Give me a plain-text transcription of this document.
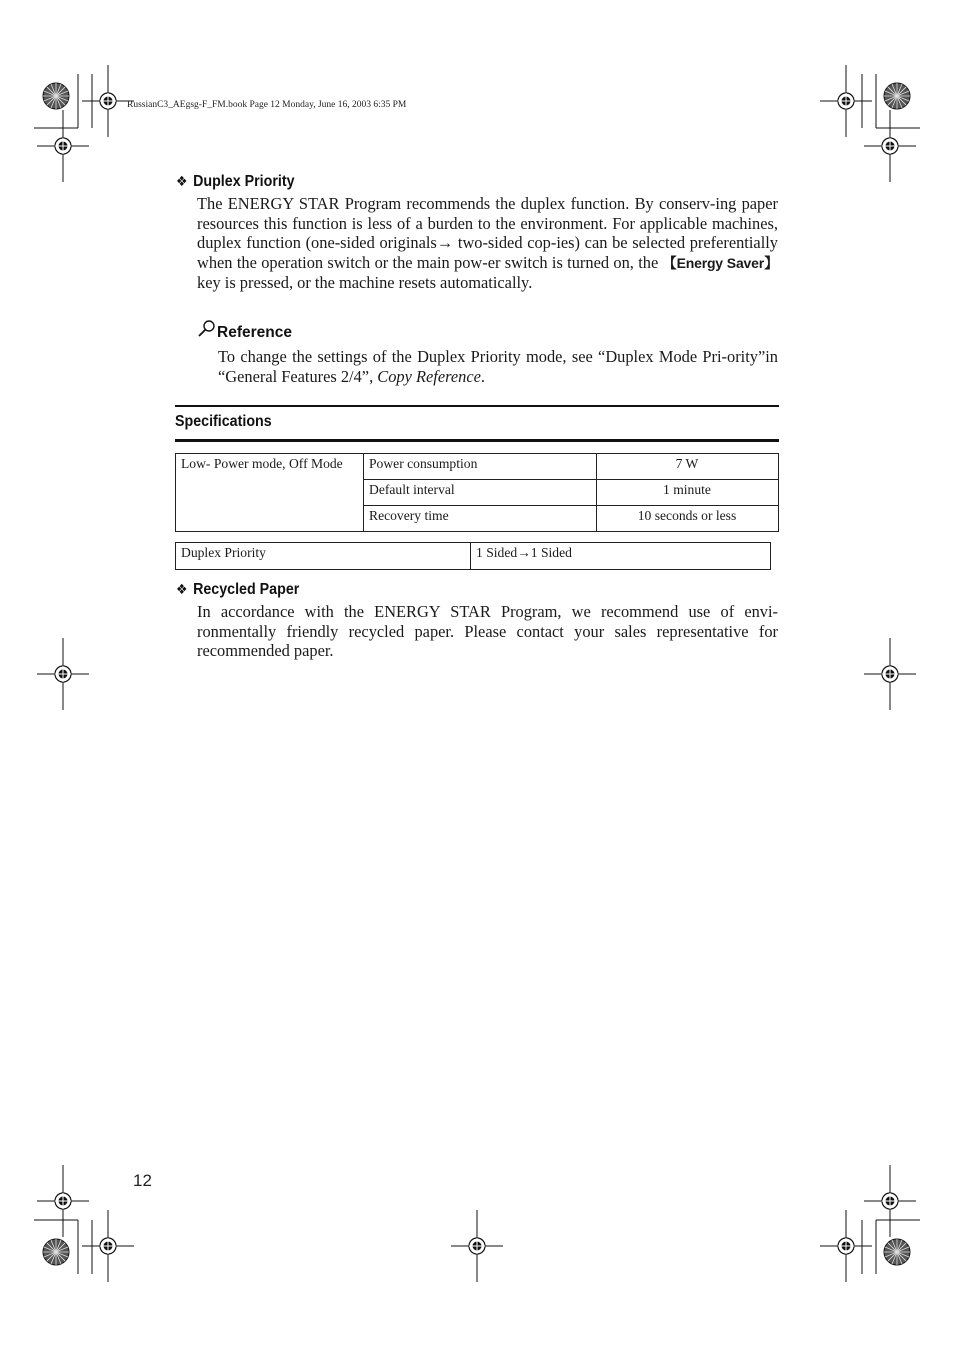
RussianC3_AEgsg-F_FM.book Page 12 Monday, June 16, 2003 6:35 PM
❖ Duplex Priority
The ENERGY STAR Program recommends the duplex function. By conserv-ing paper resources this function is less of a burden to the environment. For applicable machines, duplex function (one-sided originals→ two-sided cop-ies) can be selected preferentially when the operation switch or the main pow-er switch is turned on, the 【Energy Saver】 key is pressed, or the machine resets automatically.
Reference
To change the settings of the Duplex Priority mode, see “Duplex Mode Pri-ority”in “General Features 2/4”, Copy Reference.
Specifications
Low- Power mode, Off Mode	Power consumption	7 W
	Default interval	1 minute
	Recovery time	10 seconds or less
Duplex Priority	1 Sided→1 Sided
❖ Recycled Paper
In accordance with the ENERGY STAR Program, we recommend use of envi-ronmentally friendly recycled paper. Please contact your sales representative for recommended paper.
12
